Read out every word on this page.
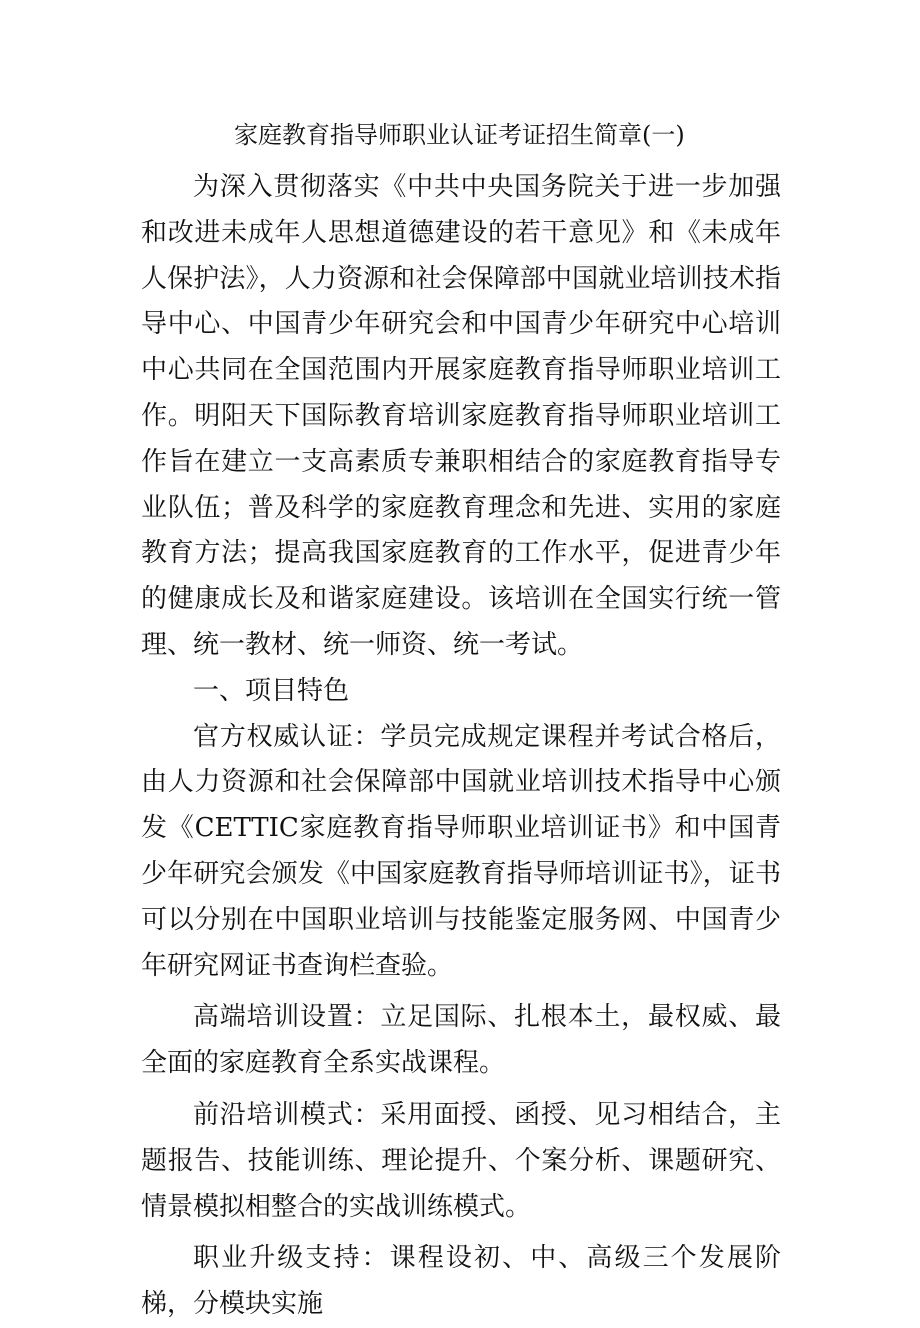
家庭教育指导师职业认证考证招生简章(一)

为深入贯彻落实《中共中央国务院关于进一步加强和改进未成年人思想道德建设的若干意见》和《未成年人保护法》，人力资源和社会保障部中国就业培训技术指导中心、中国青少年研究会和中国青少年研究中心培训中心共同在全国范围内开展家庭教育指导师职业培训工作。明阳天下国际教育培训家庭教育指导师职业培训工作旨在建立一支高素质专兼职相结合的家庭教育指导专业队伍；普及科学的家庭教育理念和先进、实用的家庭教育方法；提高我国家庭教育的工作水平，促进青少年的健康成长及和谐家庭建设。该培训在全国实行统一管理、统一教材、统一师资、统一考试。

一、项目特色

官方权威认证：学员完成规定课程并考试合格后，由人力资源和社会保障部中国就业培训技术指导中心颁发《CETTIC家庭教育指导师职业培训证书》和中国青少年研究会颁发《中国家庭教育指导师培训证书》，证书可以分别在中国职业培训与技能鉴定服务网、中国青少年研究网证书查询栏查验。

高端培训设置：立足国际、扎根本土，最权威、最全面的家庭教育全系实战课程。

前沿培训模式：采用面授、函授、见习相结合，主题报告、技能训练、理论提升、个案分析、课题研究、情景模拟相整合的实战训练模式。

职业升级支持：课程设初、中、高级三个发展阶梯，分模块实施
